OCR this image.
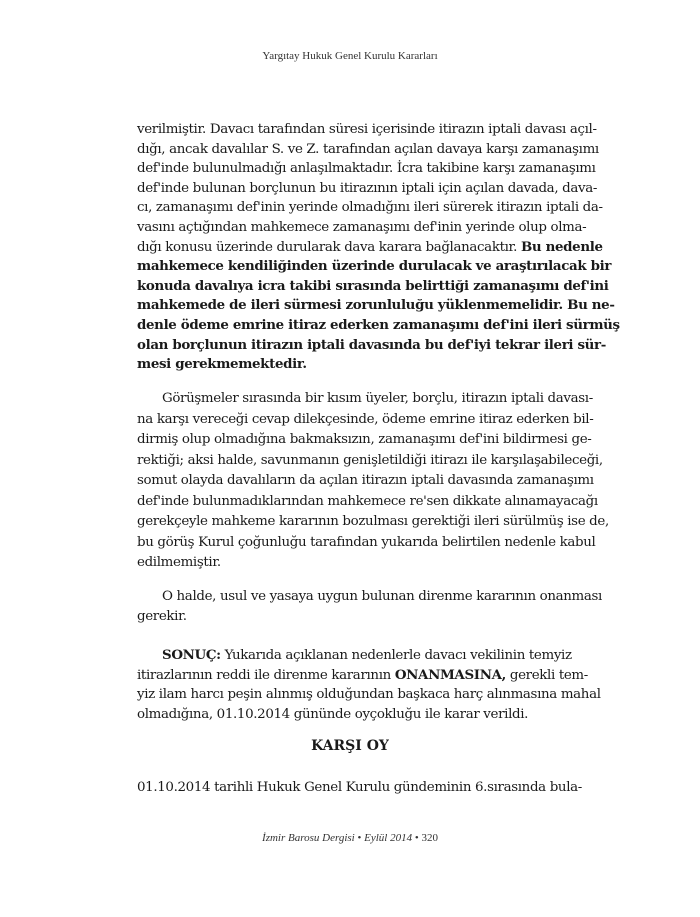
Yargıtay Hukuk Genel Kurulu Kararları
verilmiştir. Davacı tarafından süresi içerisinde itirazın iptali davası açıl-
dığı, ancak davalılar S. ve Z. tarafından açılan davaya karşı zamanaşımı
def'inde bulunulmadığı anlaşılmaktadır. İcra takibine karşı zamanaşımı
def'inde bulunan borçlunun bu itirazının iptali için açılan davada, dava-
cı, zamanaşımı def'inin yerinde olmadığını ileri sürerek itirazın iptali da-
vasını açtığından mahkemece zamanaşımı def'inin yerinde olup olma-
dığı konusu üzerinde durularak dava karara bağlanacaktır. Bu nedenle
mahkemece kendiliğinden üzerinde durulacak ve araştırılacak bir
konuda davalıya icra takibi sırasında belirttiği zamanaşımı def'ini
mahkemede de ileri sürmesi zorunluluğu yüklenmemelidir. Bu ne-
denle ödeme emrine itiraz ederken zamanaşımı def'ini ileri sürmüş
olan borçlunun itirazın iptali davasında bu def'iyi tekrar ileri sür-
mesi gerekmemektedir.
Görüşmeler sırasında bir kısım üyeler, borçlu, itirazın iptali davası-
na karşı vereceği cevap dilekçesinde, ödeme emrine itiraz ederken bil-
dirmiş olup olmadığına bakmaksızın, zamanaşımı def'ini bildirmesi ge-
rektiği; aksi halde, savunmanın genişletildiği itirazı ile karşılaşabileceği,
somut olayda davalıların da açılan itirazın iptali davasında zamanaşımı
def'inde bulunmadıklarından mahkemece re'sen dikkate alınamayacağı
gerekçeyle mahkeme kararının bozulması gerektiği ileri sürülmüş ise de,
bu görüş Kurul çoğunluğu tarafından yukarıda belirtilen nedenle kabul
edilmemiştir.
O halde, usul ve yasaya uygun bulunan direnme kararının onanması
gerekir.
SONUÇ: Yukarıda açıklanan nedenlerle davacı vekilinin temyiz
itirazlarının reddi ile direnme kararının ONANMASINA, gerekli tem-
yiz ilam harcı peşin alınmış olduğundan başkaca harç alınmasına mahal
olmadığına, 01.10.2014 gününde oyçokluğu ile karar verildi.
KARŞI OY
01.10.2014 tarihli Hukuk Genel Kurulu gündeminin 6.sırasında bula-
İzmir Barosu Dergisi • Eylül 2014 • 320
